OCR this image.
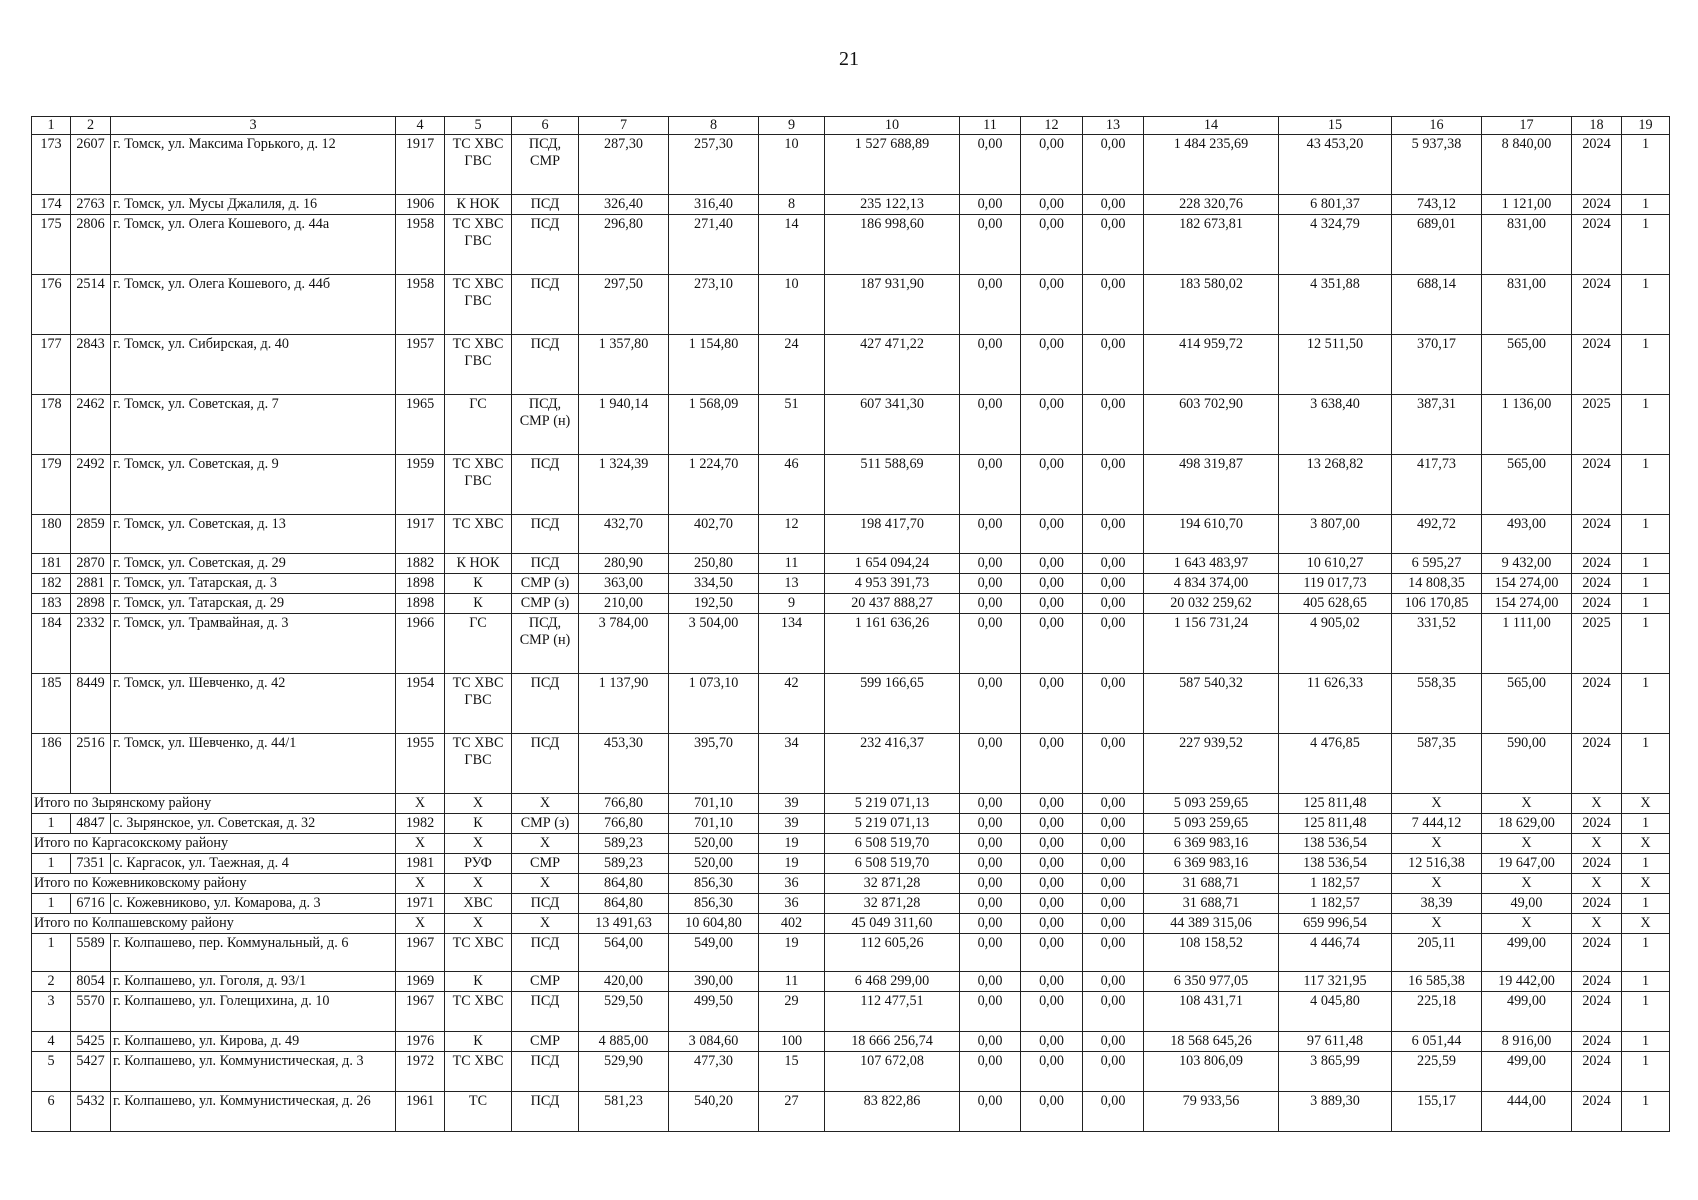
21
1	2	3	4	5	6	7	8	9	10	11	12	13	14	15	16	17	18	19
173	2607	г. Томск, ул. Максима Горького, д. 12	1917	ТС ХВС ГВС	ПСД, СМР	287,30	257,30	10	1 527 688,89	0,00	0,00	0,00	1 484 235,69	43 453,20	5 937,38	8 840,00	2024	1
174	2763	г. Томск, ул. Мусы Джалиля, д. 16	1906	К НОК	ПСД	326,40	316,40	8	235 122,13	0,00	0,00	0,00	228 320,76	6 801,37	743,12	1 121,00	2024	1
175	2806	г. Томск, ул. Олега Кошевого, д. 44а	1958	ТС ХВС ГВС	ПСД	296,80	271,40	14	186 998,60	0,00	0,00	0,00	182 673,81	4 324,79	689,01	831,00	2024	1
176	2514	г. Томск, ул. Олега Кошевого, д. 44б	1958	ТС ХВС ГВС	ПСД	297,50	273,10	10	187 931,90	0,00	0,00	0,00	183 580,02	4 351,88	688,14	831,00	2024	1
177	2843	г. Томск, ул. Сибирская, д. 40	1957	ТС ХВС ГВС	ПСД	1 357,80	1 154,80	24	427 471,22	0,00	0,00	0,00	414 959,72	12 511,50	370,17	565,00	2024	1
178	2462	г. Томск, ул. Советская, д. 7	1965	ГС	ПСД, СМР (н)	1 940,14	1 568,09	51	607 341,30	0,00	0,00	0,00	603 702,90	3 638,40	387,31	1 136,00	2025	1
179	2492	г. Томск, ул. Советская, д. 9	1959	ТС ХВС ГВС	ПСД	1 324,39	1 224,70	46	511 588,69	0,00	0,00	0,00	498 319,87	13 268,82	417,73	565,00	2024	1
180	2859	г. Томск, ул. Советская, д. 13	1917	ТС ХВС	ПСД	432,70	402,70	12	198 417,70	0,00	0,00	0,00	194 610,70	3 807,00	492,72	493,00	2024	1
181	2870	г. Томск, ул. Советская, д. 29	1882	К НОК	ПСД	280,90	250,80	11	1 654 094,24	0,00	0,00	0,00	1 643 483,97	10 610,27	6 595,27	9 432,00	2024	1
182	2881	г. Томск, ул. Татарская, д. 3	1898	К	СМР (з)	363,00	334,50	13	4 953 391,73	0,00	0,00	0,00	4 834 374,00	119 017,73	14 808,35	154 274,00	2024	1
183	2898	г. Томск, ул. Татарская, д. 29	1898	К	СМР (з)	210,00	192,50	9	20 437 888,27	0,00	0,00	0,00	20 032 259,62	405 628,65	106 170,85	154 274,00	2024	1
184	2332	г. Томск, ул. Трамвайная, д. 3	1966	ГС	ПСД, СМР (н)	3 784,00	3 504,00	134	1 161 636,26	0,00	0,00	0,00	1 156 731,24	4 905,02	331,52	1 111,00	2025	1
185	8449	г. Томск, ул. Шевченко, д. 42	1954	ТС ХВС ГВС	ПСД	1 137,90	1 073,10	42	599 166,65	0,00	0,00	0,00	587 540,32	11 626,33	558,35	565,00	2024	1
186	2516	г. Томск, ул. Шевченко, д. 44/1	1955	ТС ХВС ГВС	ПСД	453,30	395,70	34	232 416,37	0,00	0,00	0,00	227 939,52	4 476,85	587,35	590,00	2024	1
Итого по Зырянскому району			X	X	X	766,80	701,10	39	5 219 071,13	0,00	0,00	0,00	5 093 259,65	125 811,48	X	X	X	X
1	4847	с. Зырянское, ул. Советская, д. 32	1982	К	СМР (з)	766,80	701,10	39	5 219 071,13	0,00	0,00	0,00	5 093 259,65	125 811,48	7 444,12	18 629,00	2024	1
Итого по Каргасокскому району			X	X	X	589,23	520,00	19	6 508 519,70	0,00	0,00	0,00	6 369 983,16	138 536,54	X	X	X	X
1	7351	с. Каргасок, ул. Таежная, д. 4	1981	РУФ	СМР	589,23	520,00	19	6 508 519,70	0,00	0,00	0,00	6 369 983,16	138 536,54	12 516,38	19 647,00	2024	1
Итого по Кожевниковскому району			X	X	X	864,80	856,30	36	32 871,28	0,00	0,00	0,00	31 688,71	1 182,57	X	X	X	X
1	6716	с. Кожевниково, ул. Комарова, д. 3	1971	ХВС	ПСД	864,80	856,30	36	32 871,28	0,00	0,00	0,00	31 688,71	1 182,57	38,39	49,00	2024	1
Итого по Колпашевскому району			X	X	X	13 491,63	10 604,80	402	45 049 311,60	0,00	0,00	0,00	44 389 315,06	659 996,54	X	X	X	X
1	5589	г. Колпашево, пер. Коммунальный, д. 6	1967	ТС ХВС	ПСД	564,00	549,00	19	112 605,26	0,00	0,00	0,00	108 158,52	4 446,74	205,11	499,00	2024	1
2	8054	г. Колпашево, ул. Гоголя, д. 93/1	1969	К	СМР	420,00	390,00	11	6 468 299,00	0,00	0,00	0,00	6 350 977,05	117 321,95	16 585,38	19 442,00	2024	1
3	5570	г. Колпашево, ул. Голещихина, д. 10	1967	ТС ХВС	ПСД	529,50	499,50	29	112 477,51	0,00	0,00	0,00	108 431,71	4 045,80	225,18	499,00	2024	1
4	5425	г. Колпашево, ул. Кирова, д. 49	1976	К	СМР	4 885,00	3 084,60	100	18 666 256,74	0,00	0,00	0,00	18 568 645,26	97 611,48	6 051,44	8 916,00	2024	1
5	5427	г. Колпашево, ул. Коммунистическая, д. 3	1972	ТС ХВС	ПСД	529,90	477,30	15	107 672,08	0,00	0,00	0,00	103 806,09	3 865,99	225,59	499,00	2024	1
6	5432	г. Колпашево, ул. Коммунистическая, д. 26	1961	ТС	ПСД	581,23	540,20	27	83 822,86	0,00	0,00	0,00	79 933,56	3 889,30	155,17	444,00	2024	1
